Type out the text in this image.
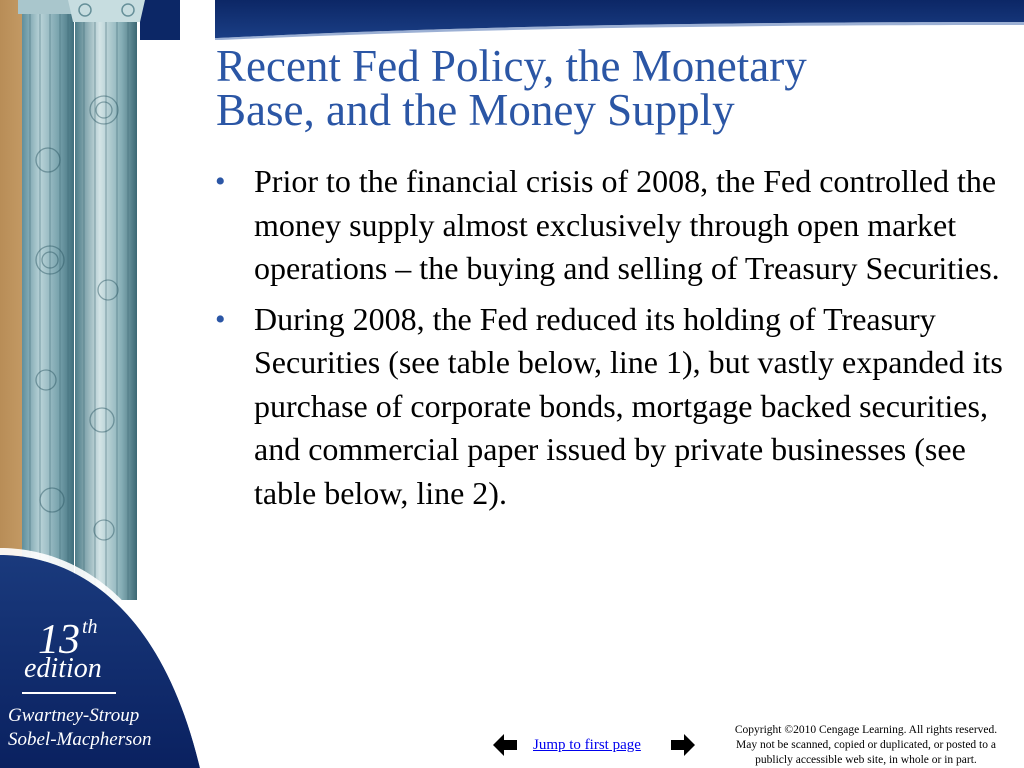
13 $^{th}$
edition
Gwartney-Stroup
Sobel-Macpherson
Recent Fed Policy, the Monetary
Base, and the Money Supply
• Prior to the financial crisis of 2008, the Fed controlled the money supply almost exclusively through open market operations – the buying and selling of Treasury Securities.
• During 2008, the Fed reduced its holding of Treasury Securities (see table below, line 1), but vastly expanded its purchase of corporate bonds, mortgage backed securities, and commercial paper issued by private businesses (see table below, line 2).
Jump to first page
Copyright ©2010 Cengage Learning. All rights reserved.
May not be scanned, copied or duplicated, or posted to a
publicly accessible web site, in whole or in part.
